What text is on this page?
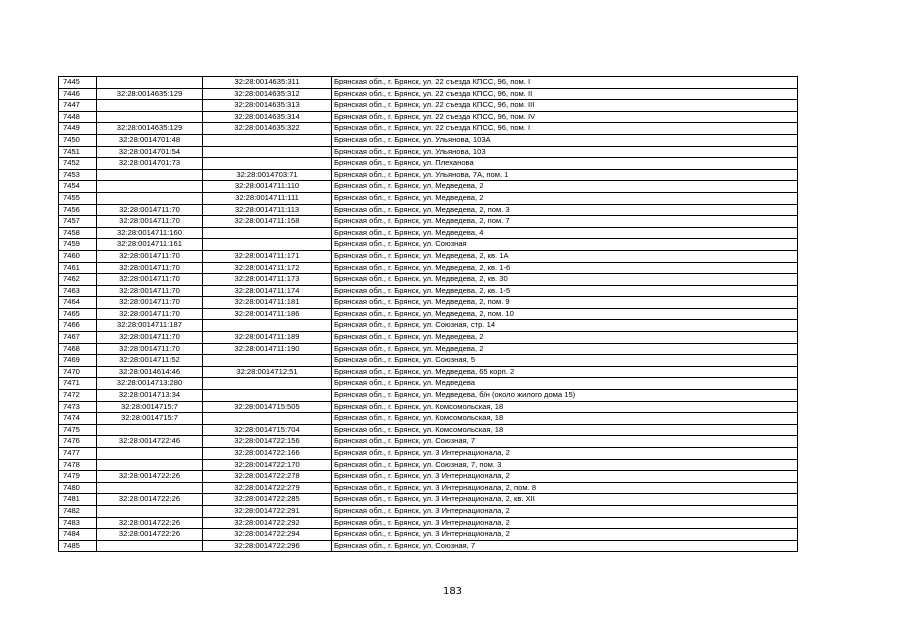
7445		32:28:0014635:311	Брянская обл., г. Брянск, ул. 22 съезда КПСС, 96, пом. I
7446	32:28:0014635:129	32:28:0014635:312	Брянская обл., г. Брянск, ул. 22 съезда КПСС, 96, пом. II
7447		32:28:0014635:313	Брянская обл., г. Брянск, ул. 22 съезда КПСС, 96, пом. III
7448		32:28:0014635:314	Брянская обл., г. Брянск, ул. 22 съезда КПСС, 96, пом. IV
7449	32:28:0014635:129	32:28:0014635:322	Брянская обл., г. Брянск, ул. 22 съезда КПСС, 96, пом. I
7450	32:28:0014701:48		Брянская обл., г. Брянск, ул. Ульянова, 103А
7451	32:28:0014701:54		Брянская обл., г. Брянск, ул. Ульянова, 103
7452	32:28:0014701:73		Брянская обл., г. Брянск, ул. Плеханова
7453		32:28:0014703:71	Брянская обл., г. Брянск, ул. Ульянова, 7А, пом. 1
7454		32:28:0014711:110	Брянская обл., г. Брянск, ул. Медведева, 2
7455		32:28:0014711:111	Брянская обл., г. Брянск, ул. Медведева, 2
7456	32:28:0014711:70	32:28:0014711:113	Брянская обл., г. Брянск, ул. Медведева, 2, пом. 3
7457	32:28:0014711:70	32:28:0014711:158	Брянская обл., г. Брянск, ул. Медведева, 2, пом. 7
7458	32:28:0014711:160		Брянская обл., г. Брянск, ул. Медведева, 4
7459	32:28:0014711:161		Брянская обл., г. Брянск, ул. Союзная
7460	32:28:0014711:70	32:28:0014711:171	Брянская обл., г. Брянск, ул. Медведева, 2, кв. 1А
7461	32:28:0014711:70	32:28:0014711:172	Брянская обл., г. Брянск, ул. Медведева, 2, кв. 1-6
7462	32:28:0014711:70	32:28:0014711:173	Брянская обл., г. Брянск, ул. Медведева, 2, кв. 30
7463	32:28:0014711:70	32:28:0014711:174	Брянская обл., г. Брянск, ул. Медведева, 2, кв. 1-5
7464	32:28:0014711:70	32:28:0014711:181	Брянская обл., г. Брянск, ул. Медведева, 2, пом. 9
7465	32:28:0014711:70	32:28:0014711:186	Брянская обл., г. Брянск, ул. Медведева, 2, пом. 10
7466	32:28:0014711:187		Брянская обл., г. Брянск, ул. Союзная, стр. 14
7467	32:28:0014711:70	32:28:0014711:189	Брянская обл., г. Брянск, ул. Медведева, 2
7468	32:28:0014711:70	32:28:0014711:190	Брянская обл., г. Брянск, ул. Медведева, 2
7469	32:28:0014711:52		Брянская обл., г. Брянск, ул. Союзная, 5
7470	32:28:0014614:46	32:28:0014712:51	Брянская обл., г. Брянск, ул. Медведева, 65 корп. 2
7471	32:28:0014713:280		Брянская обл., г. Брянск, ул. Медведева
7472	32:28:0014713:34		Брянская обл., г. Брянск, ул. Медведева, б/н (около жилого дома 15)
7473	32:28:0014715:7	32:28:0014715:505	Брянская обл., г. Брянск, ул. Комсомольская, 18
7474	32:28:0014715:7		Брянская обл., г. Брянск, ул. Комсомольская, 18
7475		32:28:0014715:704	Брянская обл., г. Брянск, ул. Комсомольская, 18
7476	32:28:0014722:46	32:28:0014722:156	Брянская обл., г. Брянск, ул. Союзная, 7
7477		32:28:0014722:166	Брянская обл., г. Брянск, ул. 3 Интернационала, 2
7478		32:28:0014722:170	Брянская обл., г. Брянск, ул. Союзная, 7, пом. 3
7479	32:28:0014722:26	32:28:0014722:278	Брянская обл., г. Брянск, ул. 3 Интернационала, 2
7480		32:28:0014722:279	Брянская обл., г. Брянск, ул. 3 Интернационала, 2, пом. 8
7481	32:28:0014722:26	32:28:0014722:285	Брянская обл., г. Брянск, ул. 3 Интернационала, 2, кв. XII
7482		32:28:0014722:291	Брянская обл., г. Брянск, ул. 3 Интернационала, 2
7483	32:28:0014722:26	32:28:0014722:292	Брянская обл., г. Брянск, ул. 3 Интернационала, 2
7484	32:28:0014722:26	32:28:0014722:294	Брянская обл., г. Брянск, ул. 3 Интернационала, 2
7485		32:28:0014722:296	Брянская обл., г. Брянск, ул. Союзная, 7
183
